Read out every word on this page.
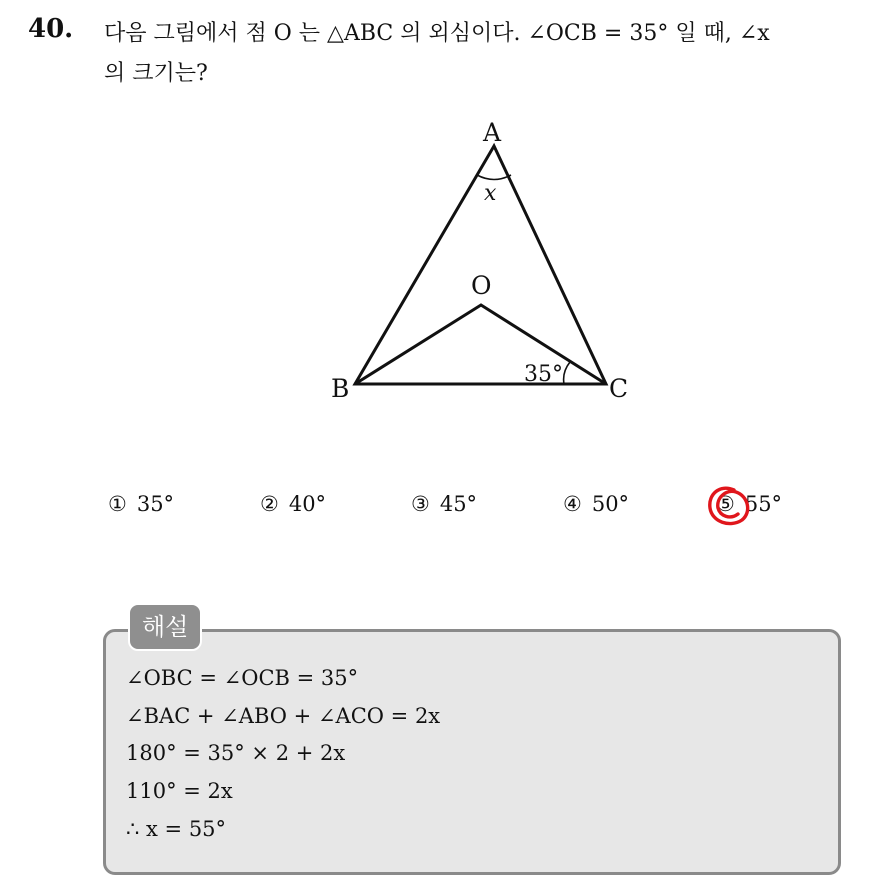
40. 다음 그림에서 점 O 는 △ABC 의 외심이다. ∠OCB = 35° 일 때, ∠x
의 크기는?
A
B	C
O
x
35°
① 35°	② 40°	③ 45°	④ 50°	⑤ 55°
해설
∠OBC = ∠OCB = 35°
∠BAC + ∠ABO + ∠ACO = 2x
180° = 35° × 2 + 2x
110° = 2x
∴ x = 55°
